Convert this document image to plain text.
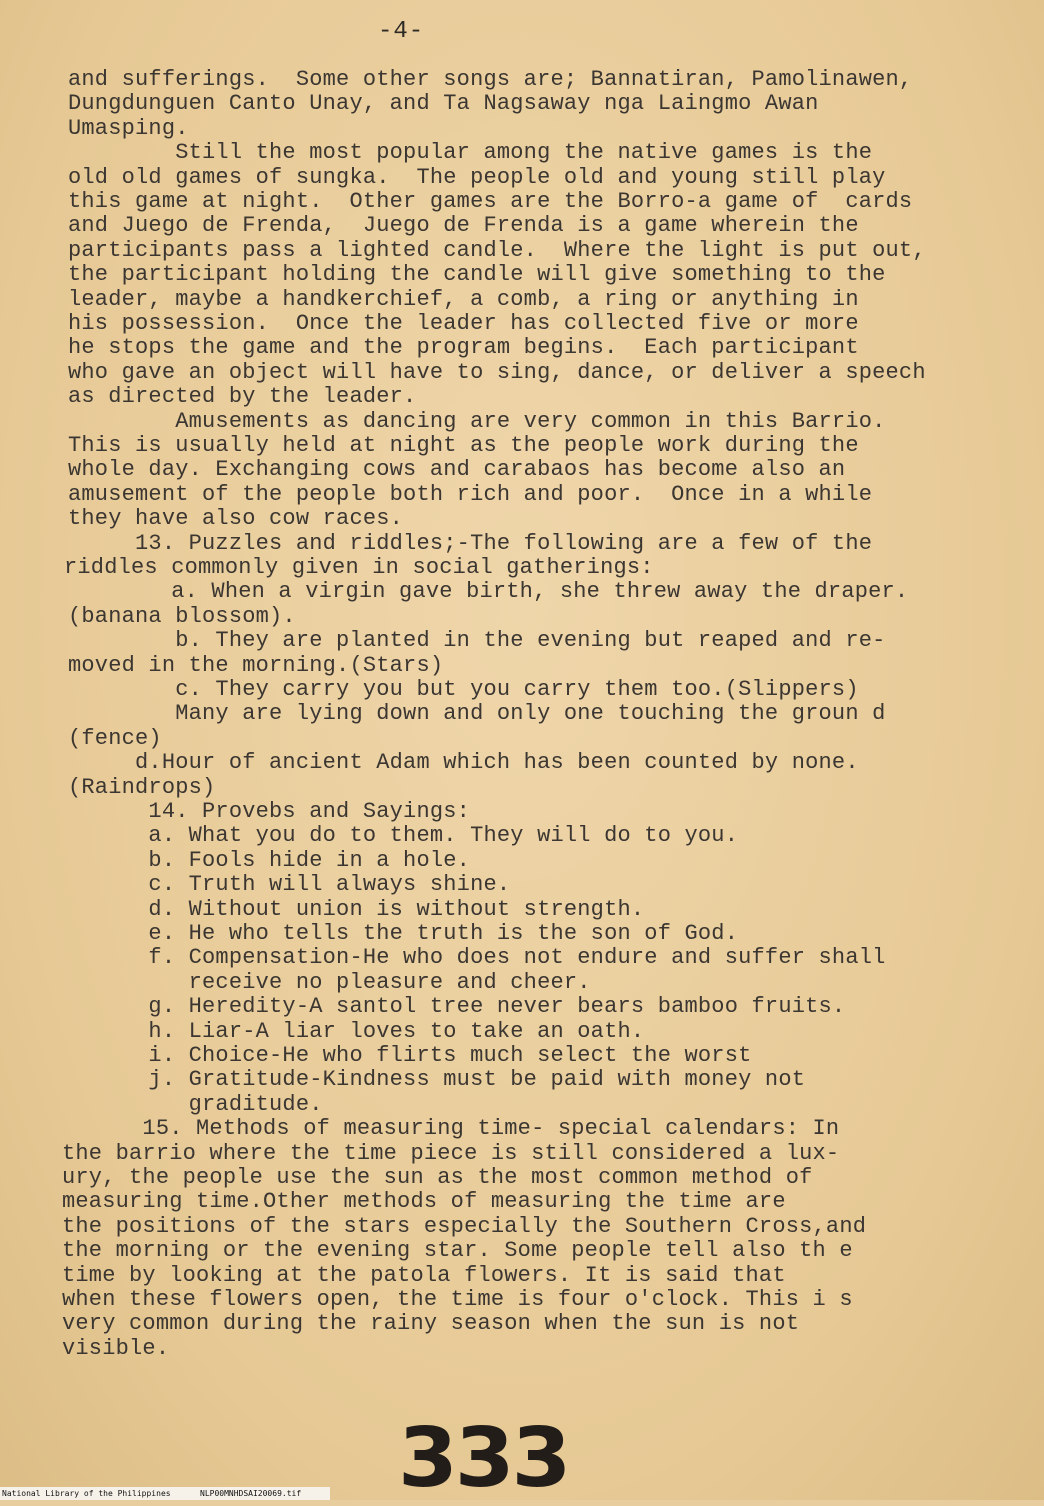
-4-
and sufferings.  Some other songs are; Bannatiran, Pamolinawen,
Dungdunguen Canto Unay, and Ta Nagsaway nga Laingmo Awan
Umasping.
Still the most popular among the native games is the
old old games of sungka.  The people old and young still play
this game at night.  Other games are the Borro-a game of  cards
and Juego de Frenda,  Juego de Frenda is a game wherein the
participants pass a lighted candle.  Where the light is put out,
the participant holding the candle will give something to the
leader, maybe a handkerchief, a comb, a ring or anything in
his possession.  Once the leader has collected five or more
he stops the game and the program begins.  Each participant
who gave an object will have to sing, dance, or deliver a speech
as directed by the leader.
Amusements as dancing are very common in this Barrio.
This is usually held at night as the people work during the
whole day. Exchanging cows and carabaos has become also an
amusement of the people both rich and poor.  Once in a while
they have also cow races.
13. Puzzles and riddles;-The following are a few of the
riddles commonly given in social gatherings:
a. When a virgin gave birth, she threw away the draper.
(banana blossom).
b. They are planted in the evening but reaped and re-
moved in the morning.(Stars)
c. They carry you but you carry them too.(Slippers)
Many are lying down and only one touching the groun d
(fence)
d.Hour of ancient Adam which has been counted by none.
(Raindrops)
14. Provebs and Sayings:
a. What you do to them. They will do to you.
b. Fools hide in a hole.
c. Truth will always shine.
d. Without union is without strength.
e. He who tells the truth is the son of God.
f. Compensation-He who does not endure and suffer shall
receive no pleasure and cheer.
g. Heredity-A santol tree never bears bamboo fruits.
h. Liar-A liar loves to take an oath.
i. Choice-He who flirts much select the worst
j. Gratitude-Kindness must be paid with money not
graditude.
15. Methods of measuring time- special calendars: In
the barrio where the time piece is still considered a lux-
ury, the people use the sun as the most common method of
measuring time.Other methods of measuring the time are
the positions of the stars especially the Southern Cross,and
the morning or the evening star. Some people tell also th e
time by looking at the patola flowers. It is said that
when these flowers open, the time is four o'clock. This i s
very common during the rainy season when the sun is not
visible.
333
National Library of the Philippines	NLP00MNHDSAI20069.tif
